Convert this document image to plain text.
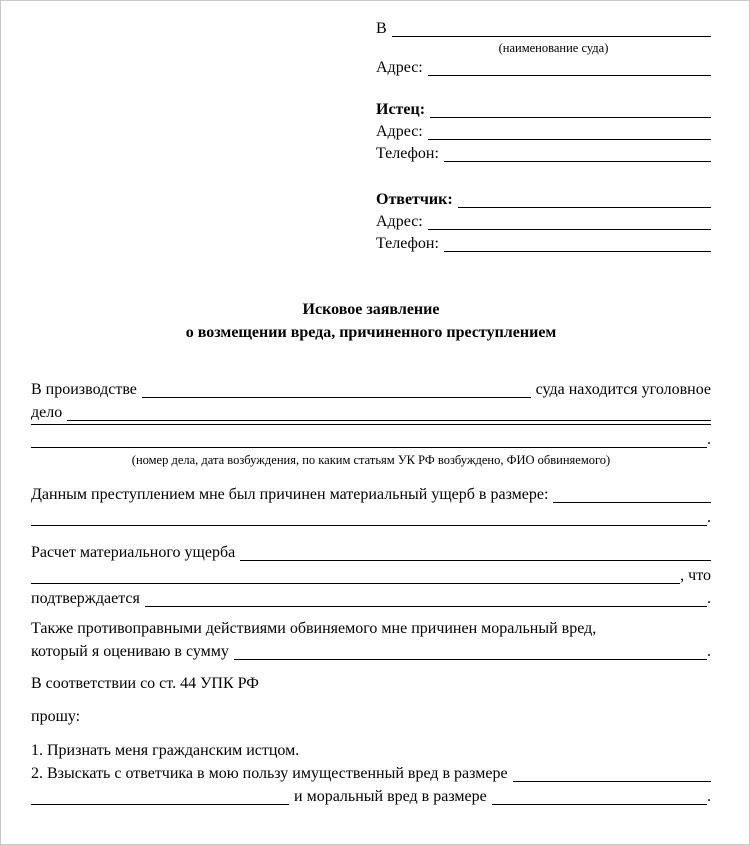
В
(наименование суда)
Адрес:
Истец:
Адрес:
Телефон:
Ответчик:
Адрес:
Телефон:
Исковое заявление
о возмещении вреда, причиненного преступлением
В производстве	суда находится уголовное
дело
.
(номер дела, дата возбуждения, по каким статьям УК РФ возбуждено, ФИО обвиняемого)
Данным преступлением мне был причинен материальный ущерб в размере:
.
Расчет материального ущерба
, что
подтверждается	.
Также противоправными действиями обвиняемого мне причинен моральный вред,
который я оцениваю в сумму	.
В соответствии со ст. 44 УПК РФ
прошу:
1. Признать меня гражданским истцом.
2. Взыскать с ответчика в мою пользу имущественный вред в размере
и моральный вред в размере	.
